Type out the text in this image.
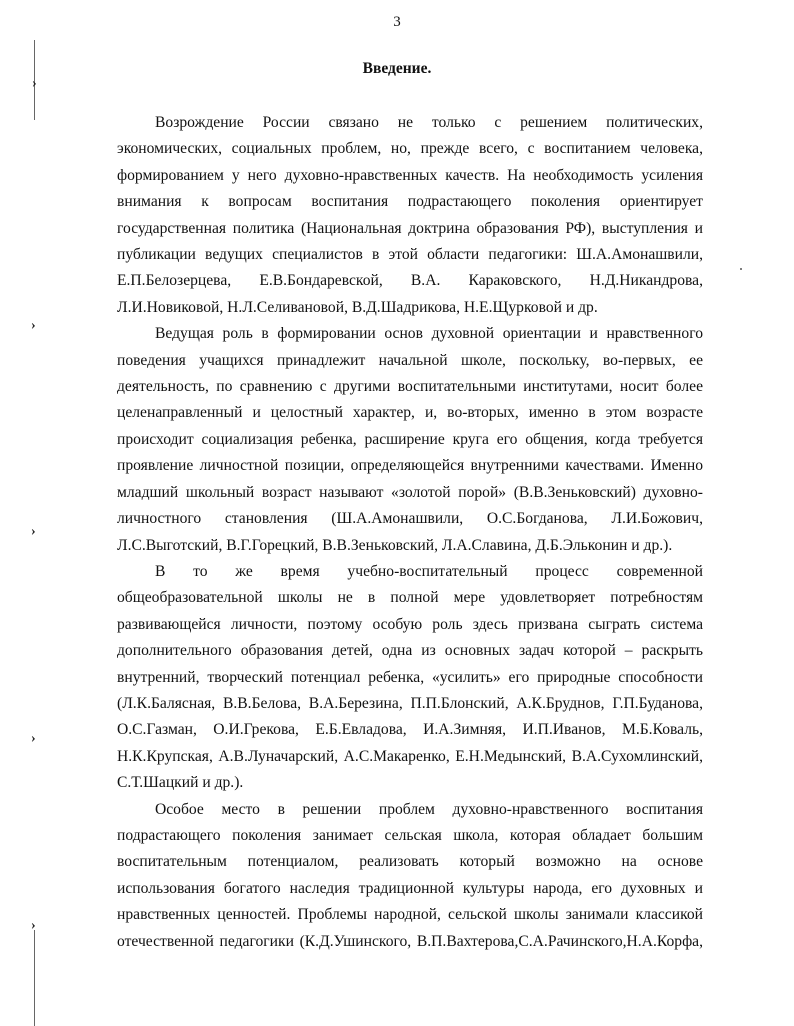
›
›
›
›
›
3
Введение.

Возрождение России связано не только с решением политических, экономических, социальных проблем, но, прежде всего, с воспитанием человека, формированием у него духовно-нравственных качеств. На необходимость усиления внимания к вопросам воспитания подрастающего поколения ориентирует государственная политика (Национальная доктрина образования РФ), выступления и публикации ведущих специалистов в этой области педагогики: Ш.А.Амонашвили, Е.П.Белозерцева, Е.В.Бондаревской, В.А. Караковского, Н.Д.Никандрова, Л.И.Новиковой, Н.Л.Селивановой, В.Д.Шадрикова, Н.Е.Щурковой и др.

Ведущая роль в формировании основ духовной ориентации и нравственного поведения учащихся принадлежит начальной школе, поскольку, во-первых, ее деятельность, по сравнению с другими воспитательными институтами, носит более целенаправленный и целостный характер, и, во-вторых, именно в этом возрасте происходит социализация ребенка, расширение круга его общения, когда требуется проявление личностной позиции, определяющейся внутренними качествами. Именно младший школьный возраст называют «золотой порой» (В.В.Зеньковский) духовно-личностного становления (Ш.А.Амонашвили, О.С.Богданова, Л.И.Божович, Л.С.Выготский, В.Г.Горецкий, В.В.Зеньковский, Л.А.Славина, Д.Б.Эльконин и др.).

В то же время учебно-воспитательный процесс современной общеобразовательной школы не в полной мере удовлетворяет потребностям развивающейся личности, поэтому особую роль здесь призвана сыграть система дополнительного образования детей, одна из основных задач которой – раскрыть внутренний, творческий потенциал ребенка, «усилить» его природные способности (Л.К.Балясная, В.В.Белова, В.А.Березина, П.П.Блонский, А.К.Бруднов, Г.П.Буданова, О.С.Газман, О.И.Грекова, Е.Б.Евладова, И.А.Зимняя, И.П.Иванов, М.Б.Коваль, Н.К.Крупская, А.В.Луначарский, А.С.Макаренко, Е.Н.Медынский, В.А.Сухомлинский, С.Т.Шацкий и др.).

Особое место в решении проблем духовно-нравственного воспитания подрастающего поколения занимает сельская школа, которая обладает большим воспитательным потенциалом, реализовать который возможно на основе использования богатого наследия традиционной культуры народа, его духовных и нравственных ценностей. Проблемы народной, сельской школы занимали классикой отечественной педагогики (К.Д.Ушинского, В.П.Вахтерова,С.А.Рачинского,Н.А.Корфа,
